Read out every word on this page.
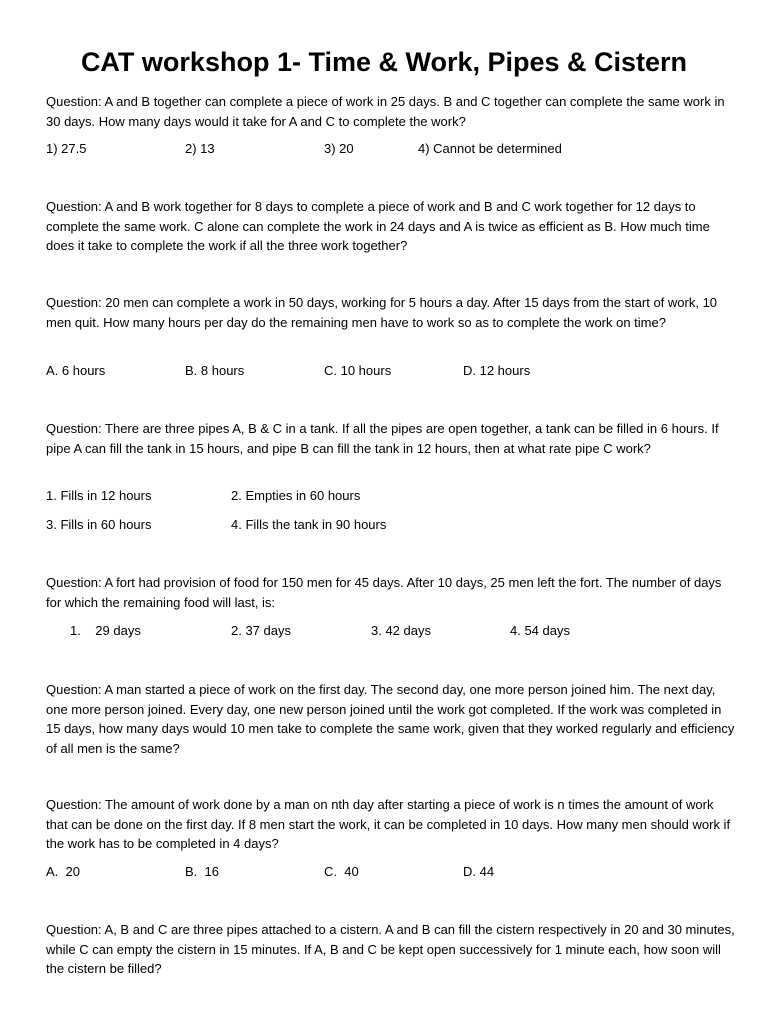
CAT workshop 1- Time & Work, Pipes & Cistern
Question: A and B together can complete a piece of work in 25 days. B and C together can complete the same work in 30 days. How many days would it take for A and C to complete the work?
1) 27.5	2) 13	3) 20	4) Cannot be determined
Question: A and B work together for 8 days to complete a piece of work and B and C work together for 12 days to complete the same work. C alone can complete the work in 24 days and A is twice as efficient as B. How much time does it take to complete the work if all the three work together?
Question: 20 men can complete a work in 50 days, working for 5 hours a day. After 15 days from the start of work, 10 men quit. How many hours per day do the remaining men have to work so as to complete the work on time?
A. 6 hours	B. 8 hours	C. 10 hours	D. 12 hours
Question: There are three pipes A, B & C in a tank. If all the pipes are open together, a tank can be filled in 6 hours. If pipe A can fill the tank in 15 hours, and pipe B can fill the tank in 12 hours, then at what rate pipe C work?
1. Fills in 12 hours	2. Empties in 60 hours
3. Fills in 60 hours	4. Fills the tank in 90 hours
Question: A fort had provision of food for 150 men for 45 days. After 10 days, 25 men left the fort. The number of days for which the remaining food will last, is:
1.    29 days	2. 37 days	3. 42 days	4. 54 days
Question: A man started a piece of work on the first day. The second day, one more person joined him. The next day, one more person joined. Every day, one new person joined until the work got completed. If the work was completed in 15 days, how many days would 10 men take to complete the same work, given that they worked regularly and efficiency of all men is the same?
Question: The amount of work done by a man on nth day after starting a piece of work is n times the amount of work that can be done on the first day. If 8 men start the work, it can be completed in 10 days. How many men should work if the work has to be completed in 4 days?
A.  20	B.  16	C.  40	D. 44
Question: A, B and C are three pipes attached to a cistern. A and B can fill the cistern respectively in 20 and 30 minutes, while C can empty the cistern in 15 minutes. If A, B and C be kept open successively for 1 minute each, how soon will the cistern be filled?
